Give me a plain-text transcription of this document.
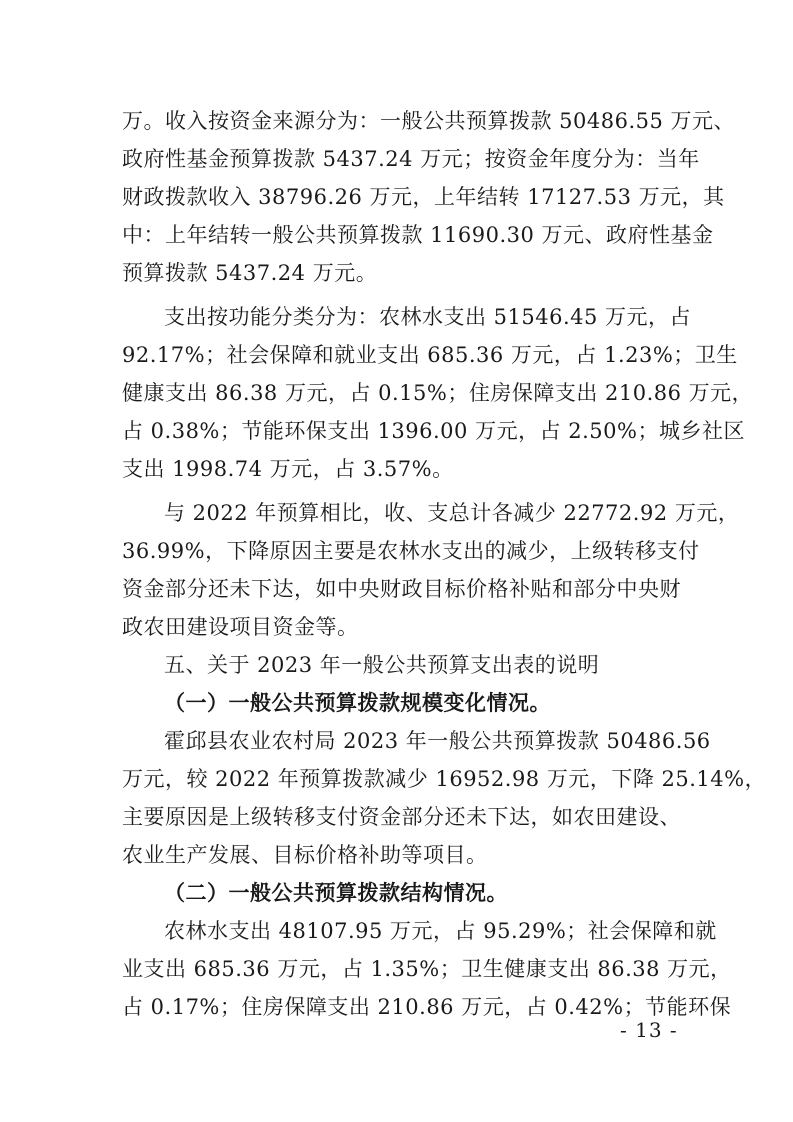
万。收入按资金来源分为：一般公共预算拨款 50486.55 万元、
政府性基金预算拨款 5437.24 万元；按资金年度分为：当年
财政拨款收入 38796.26 万元，上年结转 17127.53 万元，其
中：上年结转一般公共预算拨款 11690.30 万元、政府性基金
预算拨款 5437.24 万元。
支出按功能分类分为：农林水支出 51546.45 万元，占
92.17%；社会保障和就业支出 685.36 万元，占 1.23%；卫生
健康支出 86.38 万元，占 0.15%；住房保障支出 210.86 万元，
占 0.38%；节能环保支出 1396.00 万元，占 2.50%；城乡社区
支出 1998.74 万元，占 3.57%。
与 2022 年预算相比，收、支总计各减少 22772.92 万元，
36.99%，下降原因主要是农林水支出的减少，上级转移支付
资金部分还未下达，如中央财政目标价格补贴和部分中央财
政农田建设项目资金等。
五、关于 2023 年一般公共预算支出表的说明
（一）一般公共预算拨款规模变化情况。
霍邱县农业农村局 2023 年一般公共预算拨款 50486.56
万元，较 2022 年预算拨款减少 16952.98 万元，下降 25.14%，
主要原因是上级转移支付资金部分还未下达，如农田建设、
农业生产发展、目标价格补助等项目。
（二）一般公共预算拨款结构情况。
农林水支出 48107.95 万元，占 95.29%；社会保障和就
业支出 685.36 万元，占 1.35%；卫生健康支出 86.38 万元，
占 0.17%；住房保障支出 210.86 万元，占 0.42%；节能环保
- 13 -
